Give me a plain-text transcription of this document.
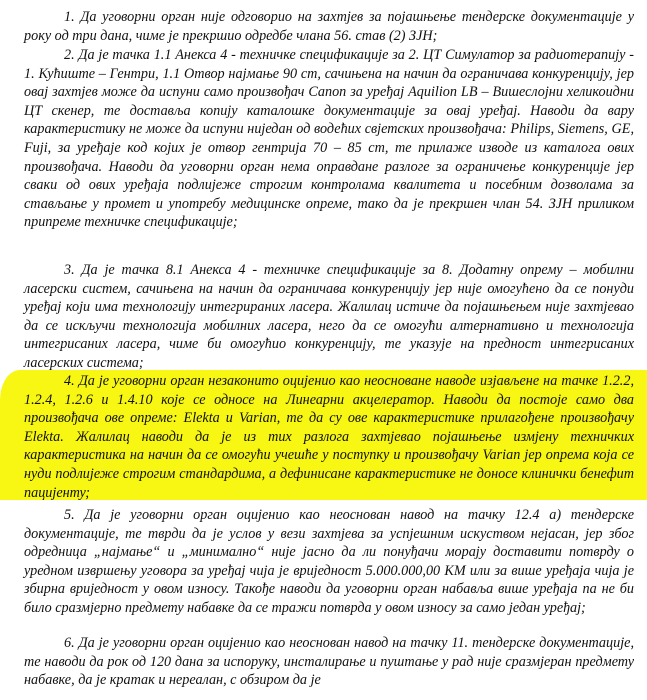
1. Да уговорни орган није одговорио на захтјев за појашњење тендерске документације у року од три дана, чиме је прекршио одредбе члана 56. став (2) ЗЈН;

2. Да је тачка 1.1 Анекса 4 - техничке спецификације за 2. ЦТ Симулатор за радиотерапију - 1. Кућиште – Гентри, 1.1 Отвор најмање 90 cm, сачињена на начин да ограничава конкуренцију, јер овај захтјев може да испуни само произвођач Canon за уређај Aquilion LB – Вишеслојни хеликоидни ЦТ скенер, те доставља копију каталошке документације за овај уређај. Наводи да вару карактеристику не може да испуни ниједан од водећих свјетских произвођача: Philips, Siemens, GE, Fuji, за уређаје код којих је отвор гентрија 70 – 85 cm, те прилаже изводе из каталога ових произвођача. Наводи да уговорни орган нема оправдане разлоге за ограничење конкуренције јер сваки од ових уређаја подлијеже строгим контролама квалитета и посебним дозволама за стављање у промет и употребу медицинске опреме, тако да је прекршен члан 54. ЗЈН приликом припреме техничке спецификације;

3. Да је тачка 8.1 Анекса 4 - техничке спецификације за 8. Додатну опрему – мобилни ласерски систем, сачињена на начин да ограничава конкуренцију јер није омогућено да се понуди уређај који има технологију интегрираних ласера. Жалилац истиче да појашњењем није захтјевао да се искључи технологија мобилних ласера, него да се омогући алтернативно и технологија интегрисаних ласера, чиме би омогућио конкуренцију, те указује на предност интегрисаних ласерских система;

4. Да је уговорни орган незаконито оцијенио као неосноване наводе изјављене на тачке 1.2.2, 1.2.4, 1.2.6 и 1.4.10 које се односе на Линеарни акцелератор. Наводи да постоје само два произвођача ове опреме: Elekta и Varian, те да су ове карактеристике прилагођене произвођачу Elekta. Жалилац наводи да је из тих разлога захтјевао појашњење измјену техничких карактеристика на начин да се омогући учешће у поступку и произвођачу Varian јер опрема која се нуди подлијеже строгим стандардима, а дефинисане карактеристике не доносе клинички бенефит пацијенту;

5. Да је уговорни орган оцијенио као неоснован навод на тачку 12.4 а) тендерске документације, те тврди да је услов у вези захтјева за успјешним искуством нејасан, јер због одредница „најмање“ и „минимално“ није јасно да ли понуђачи морају доставити потврду о уредном извршењу уговора за уређај чија је вриједност 5.000.000,00 КМ или за више уређаја чија је збирна вриједност у овом износу. Такође наводи да уговорни орган набавља више уређаја па не би било сразмјерно предмету набавке да се тражи потврда у овом износу за само један уређај;

6. Да је уговорни орган оцијенио као неоснован навод на тачку 11. тендерске документације, те наводи да рок од 120 дана за испоруку, инсталирање и пуштање у рад није сразмјеран предмету набавке, да је кратак и нереалан, с обзиром да је
